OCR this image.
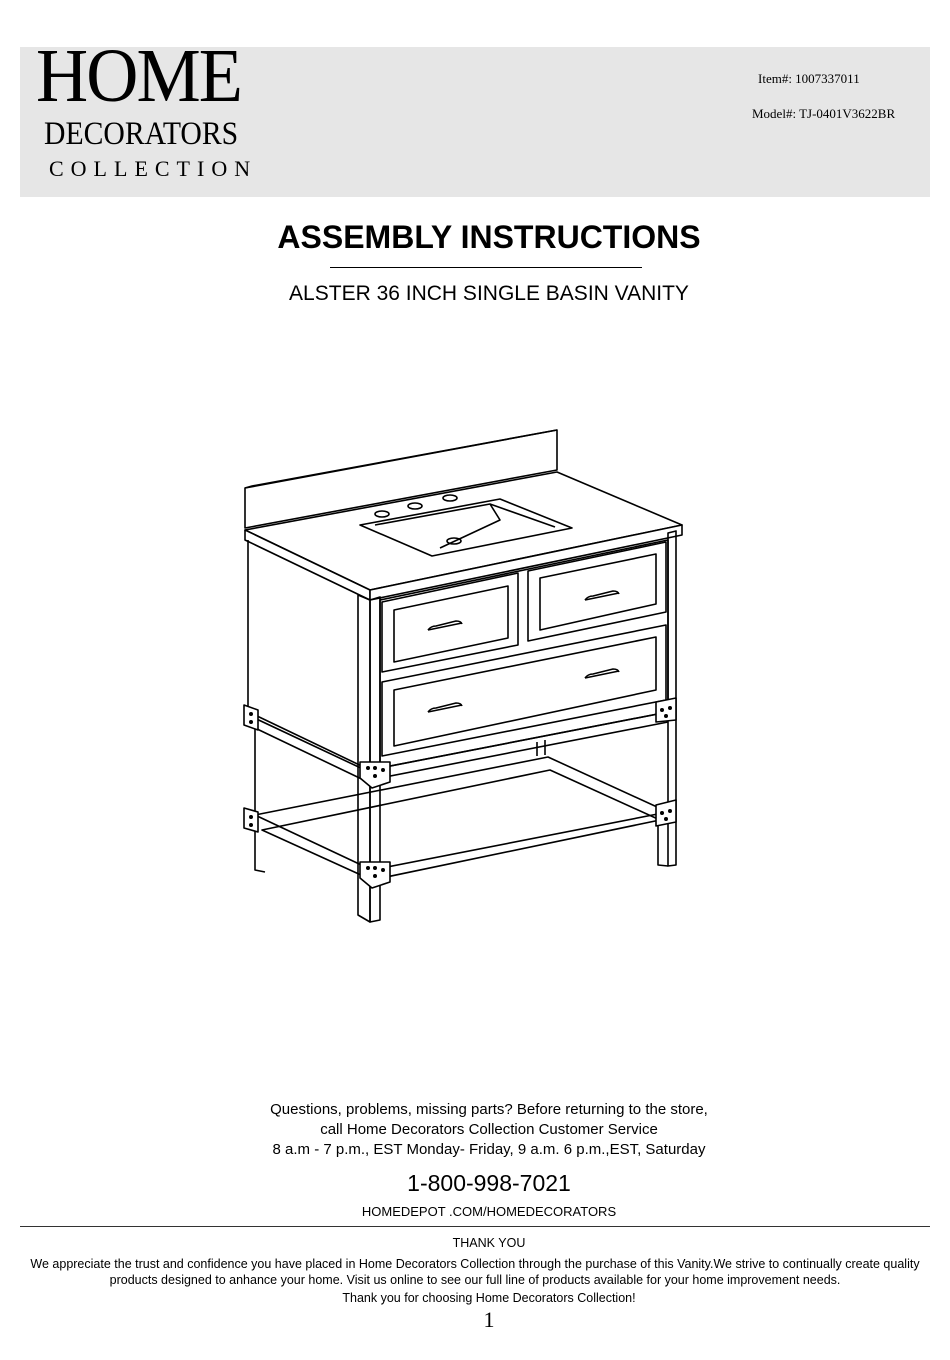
HOME
DECORATORS
COLLECTION
Item#: 1007337011
Model#: TJ-0401V3622BR
ASSEMBLY INSTRUCTIONS
ALSTER 36 INCH SINGLE BASIN VANITY
Questions, problems, missing parts? Before returning to the store,
call Home Decorators Collection Customer Service
8 a.m - 7 p.m., EST Monday- Friday, 9 a.m. 6 p.m.,EST, Saturday
1-800-998-7021
HOMEDEPOT .COM/HOMEDECORATORS
THANK YOU
We appreciate the trust and confidence you have placed in Home Decorators Collection through the purchase of this Vanity.We strive to continually create quality products designed to anhance your home. Visit us online to see our full line of products available for your home improvement needs.
Thank you for choosing Home Decorators Collection!
1
